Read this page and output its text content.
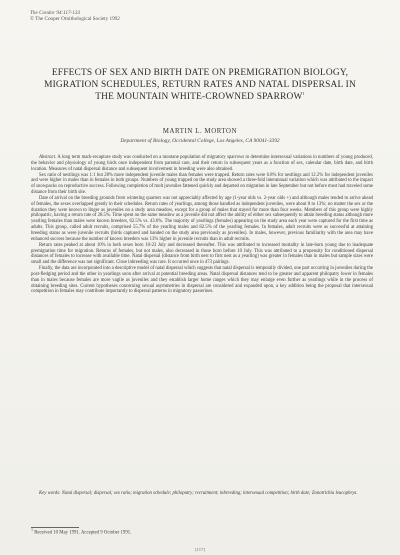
The Condor 94:117-133
© The Cooper Ornithological Society 1992
EFFECTS OF SEX AND BIRTH DATE ON PREMIGRATION BIOLOGY, MIGRATION SCHEDULES, RETURN RATES AND NATAL DISPERSAL IN THE MOUNTAIN WHITE-CROWNED SPARROW$^1$
MARTIN L. MORTON
Department of Biology, Occidental College, Los Angeles, CA 90041-3392

Abstract. A long term mark-recapture study was conducted on a montane population of migratory sparrows to determine intersexual variations in numbers of young produced, the behavior and physiology of young birds once independent from parental care, and their return in subsequent years as a function of sex, calendar date, birth date, and birth location. Measures of natal dispersal distance and subsequent involvement in breeding were also obtained.

Sex ratio of nestlings was 1:1 but 28% more independent juvenile males than females were trapped. Return rates were 6.8% for nestlings and 12.2% for independent juveniles and were higher in males than in females in both groups. Numbers of young trapped on the study area showed a three-fold interannual variation which was attributed to the impact of snowpacks on reproductive success. Following completion of molt juveniles fattened quickly and departed on migration in late September but not before most had traveled some distance from their birth site.

Date of arrival on the breeding grounds from wintering quarters was not appreciably affected by age (1-year olds vs. 2-year olds +) and although males tended to arrive ahead of females, the sexes overlapped greatly in their schedules. Return rates of yearlings, among those handled as independent juveniles, were about 8 to 13%; no matter the sex or the duration they were known to linger as juveniles on a study area meadow, except for a group of males that stayed for more than four weeks. Members of this group were highly philopatric, having a return rate of 28.5%. Time spent on the same meadow as a juvenile did not affect the ability of either sex subsequently to attain breeding status although more yearling females than males were known breeders, 62.5% vs. 43.6%. The majority of yearlings (females) appearing on the study area each year were captured for the first time as adults. This group, called adult recruits, comprised 55.7% of the yearling males and 82.5% of the yearling females. In females, adult recruits were as successful at attaining breeding status as were juvenile recruits (birds captured and banded on the study area previously as juveniles). In males, however, previous familiarity with the area may have enhanced success because the number of known breeders was 13% higher in juvenile recruits than in adult recruits.

Return rates peaked at about 10% in both sexes born 10-23 July and decreased thereafter. This was attributed to increased mortality in late-born young due to inadequate premigration time for migration. Returns of females, but not males, also decreased in those born before 10 July. This was attributed to a propensity for conditioned dispersal distances of females to increase with available time. Natal dispersal (distance from birth nest to first nest as a yearling) was greater in females than in males but sample sizes were small and the difference was not significant. Close inbreeding was rare. It occurred once in 473 pairings.

Finally, the data are incorporated into a descriptive model of natal dispersal which suggests that natal dispersal is temporally divided, one part occurring in juveniles during the post-fledging period and the other in yearlings soon after arrival at potential breeding areas. Natal dispersal distances tend to be greater and apparent philopatry lower in females than in males because females are more vagile as juveniles and they establish larger home ranges which they may enlarge even further as yearlings while in the process of obtaining breeding sites. Current hypotheses concerning sexual asymmetries in dispersal are considered and expanded upon, a key addition being the proposal that intersexual competition in females may contribute importantly to dispersal patterns in migratory passerines.

Key words: Natal dispersal; dispersal; sex ratio; migration schedule; philopatry; recruitment; inbreeding; intersexual competition; birth date; Zonotrichia leucophrys.
$^1$ Received 10 May 1991. Accepted 9 October 1991.
[117]
